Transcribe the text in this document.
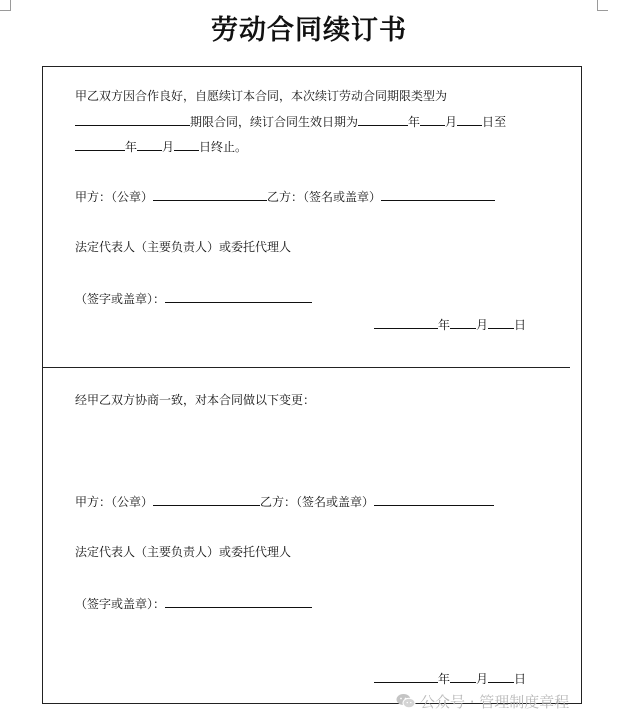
劳动合同续订书
甲乙双方因合作良好，自愿续订本合同，本次续订劳动合同期限类型为
期限合同，续订合同生效日期为	年 月 日至
年 月 日终止。
甲方：（公章）	乙方：（签名或盖章）
法定代表人（主要负责人）或委托代理人
（签字或盖章）：
年 月 日
经甲乙双方协商一致，对本合同做以下变更：
甲方：（公章）	乙方：（签名或盖章）
法定代表人（主要负责人）或委托代理人
（签字或盖章）：
年 月 日
公众号 · 管理制度章程
